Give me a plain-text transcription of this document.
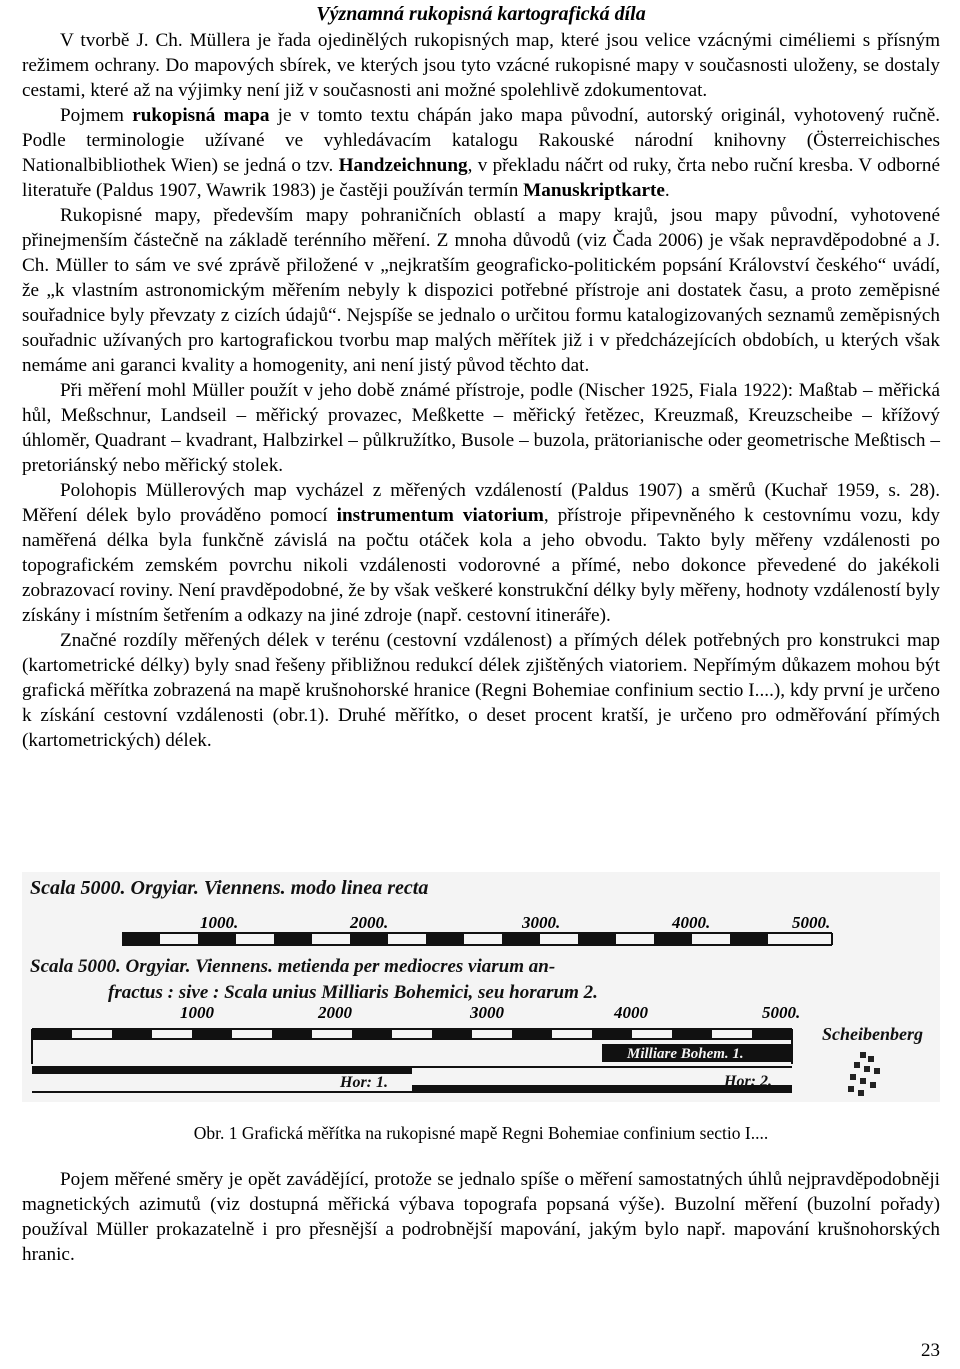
Významná rukopisná kartografická díla

V tvorbě J. Ch. Müllera je řada ojedinělých rukopisných map, které jsou velice vzácnými ciméliemi s přísným režimem ochrany. Do mapových sbírek, ve kterých jsou tyto vzácné rukopisné mapy v současnosti uloženy, se dostaly cestami, které až na výjimky není již v současnosti ani možné spolehlivě zdokumentovat.

Pojmem rukopisná mapa je v tomto textu chápán jako mapa původní, autorský originál, vyhotovený ručně. Podle terminologie užívané ve vyhledávacím katalogu Rakouské národní knihovny (Österreichisches Nationalbibliothek Wien) se jedná o tzv. Handzeichnung, v překladu náčrt od ruky, črta nebo ruční kresba. V odborné literatuře (Paldus 1907, Wawrik 1983) je častěji používán termín Manuskriptkarte.

Rukopisné mapy, především mapy pohraničních oblastí a mapy krajů, jsou mapy původní, vyhotovené přinejmenším částečně na základě terénního měření. Z mnoha důvodů (viz Čada 2006) je však nepravděpodobné a J. Ch. Müller to sám ve své zprávě přiložené v „nejkratším geograficko-politickém popsání Království českého“ uvádí, že „k vlastním astronomickým měřením nebyly k dispozici potřebné přístroje ani dostatek času, a proto zeměpisné souřadnice byly převzaty z cizích údajů“. Nejspíše se jednalo o určitou formu katalogizovaných seznamů zeměpisných souřadnic užívaných pro kartografickou tvorbu map malých měřítek již i v předcházejících obdobích, u kterých však nemáme ani garanci kvality a homogenity, ani není jistý původ těchto dat.

Při měření mohl Müller použít v jeho době známé přístroje, podle (Nischer 1925, Fiala 1922): Maßtab – měřická hůl, Meßschnur, Landseil – měřický provazec, Meßkette – měřický řetězec, Kreuzmaß, Kreuzscheibe – křížový úhloměr, Quadrant – kvadrant, Halbzirkel – půlkružítko, Busole – buzola, prätorianische oder geometrische Meßtisch – pretoriánský nebo měřický stolek.

Polohopis Müllerových map vycházel z měřených vzdáleností (Paldus 1907) a směrů (Kuchař 1959, s. 28). Měření délek bylo prováděno pomocí instrumentum viatorium, přístroje připevněného k cestovnímu vozu, kdy naměřená délka byla funkčně závislá na počtu otáček kola a jeho obvodu. Takto byly měřeny vzdálenosti po topografickém zemském povrchu nikoli vzdálenosti vodorovné a přímé, nebo dokonce převedené do jakékoli zobrazovací roviny. Není pravděpodobné, že by však veškeré konstrukční délky byly měřeny, hodnoty vzdáleností byly získány i místním šetřením a odkazy na jiné zdroje (např. cestovní itineráře).

Značné rozdíly měřených délek v terénu (cestovní vzdálenost) a přímých délek potřebných pro konstrukci map (kartometrické délky) byly snad řešeny přibližnou redukcí délek zjištěných viatoriem. Nepřímým důkazem mohou být grafická měřítka zobrazená na mapě krušnohorské hranice (Regni Bohemiae confinium sectio I....), kdy první je určeno k získání cestovní vzdálenosti (obr.1). Druhé měřítko, o deset procent kratší, je určeno pro odměřování přímých (kartometrických) délek.

Scala 5000. Orgyiar. Viennens. modo linea recta
1000.	2000.	3000.	4000.	5000.
Scala 5000. Orgyiar. Viennens. metienda per mediocres viarum an-
fractus : sive : Scala unius Milliaris Bohemici, seu horarum 2.
1000	2000	3000	4000	5000.
Milliare Bohem. 1.
Hor: 1.	Hor: 2.
Scheibenberg
Obr. 1 Grafická měřítka na rukopisné mapě Regni Bohemiae confinium sectio I....

Pojem měřené směry je opět zavádějící, protože se jednalo spíše o měření samostatných úhlů nejpravděpodobněji magnetických azimutů (viz dostupná měřická výbava topografa popsaná výše). Buzolní měření (buzolní pořady) používal Müller prokazatelně i pro přesnější a podrobnější mapování, jakým bylo např. mapování krušnohorských hranic.

23
